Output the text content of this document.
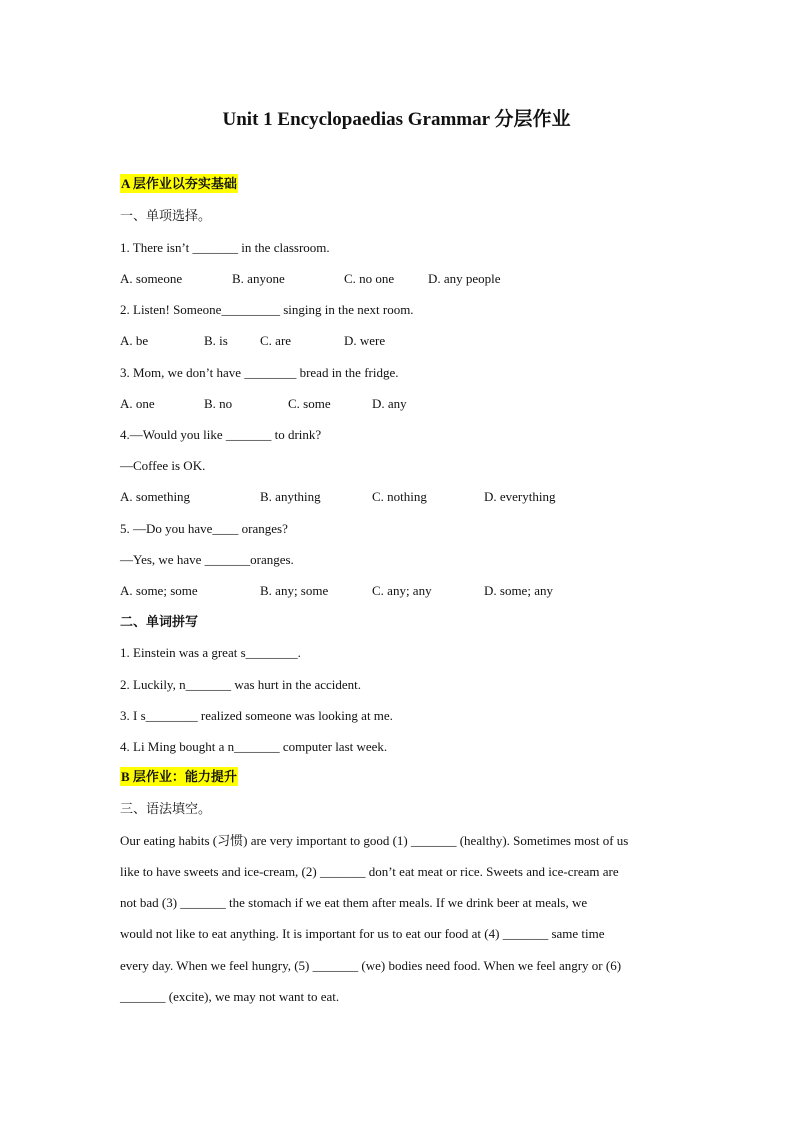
Unit 1 Encyclopaedias Grammar 分层作业
A 层作业以夯实基础
一、单项选择。
1. There isn’t _______ in the classroom.
A. someone	B. anyone	C. no one	D. any people
2. Listen! Someone_________ singing in the next room.
A. be	B. is C. are	D. were
3. Mom, we don’t have ________ bread in the fridge.
A. one	B. no	C. some	D. any
4.—Would you like _______ to drink?
—Coffee is OK.
A. something	B. anything	C. nothing	D. everything
5. —Do you have____ oranges?
—Yes, we have _______oranges.
A. some; some	B. any; some	C. any; any	D. some; any
二、单词拼写
1. Einstein was a great s________.
2. Luckily, n_______ was hurt in the accident.
3. I s________ realized someone was looking at me.
4. Li Ming bought a n_______ computer last week.
B 层作业：能力提升
三、语法填空。
Our eating habits (习惯) are very important to good (1) _______ (healthy). Sometimes most of us
like to have sweets and ice-cream, (2) _______ don’t eat meat or rice. Sweets and ice-cream are
not bad (3) _______ the stomach if we eat them after meals. If we drink beer at meals, we
would not like to eat anything. It is important for us to eat our food at (4) _______ same time
every day. When we feel hungry, (5) _______ (we) bodies need food. When we feel angry or (6)
_______ (excite), we may not want to eat.
